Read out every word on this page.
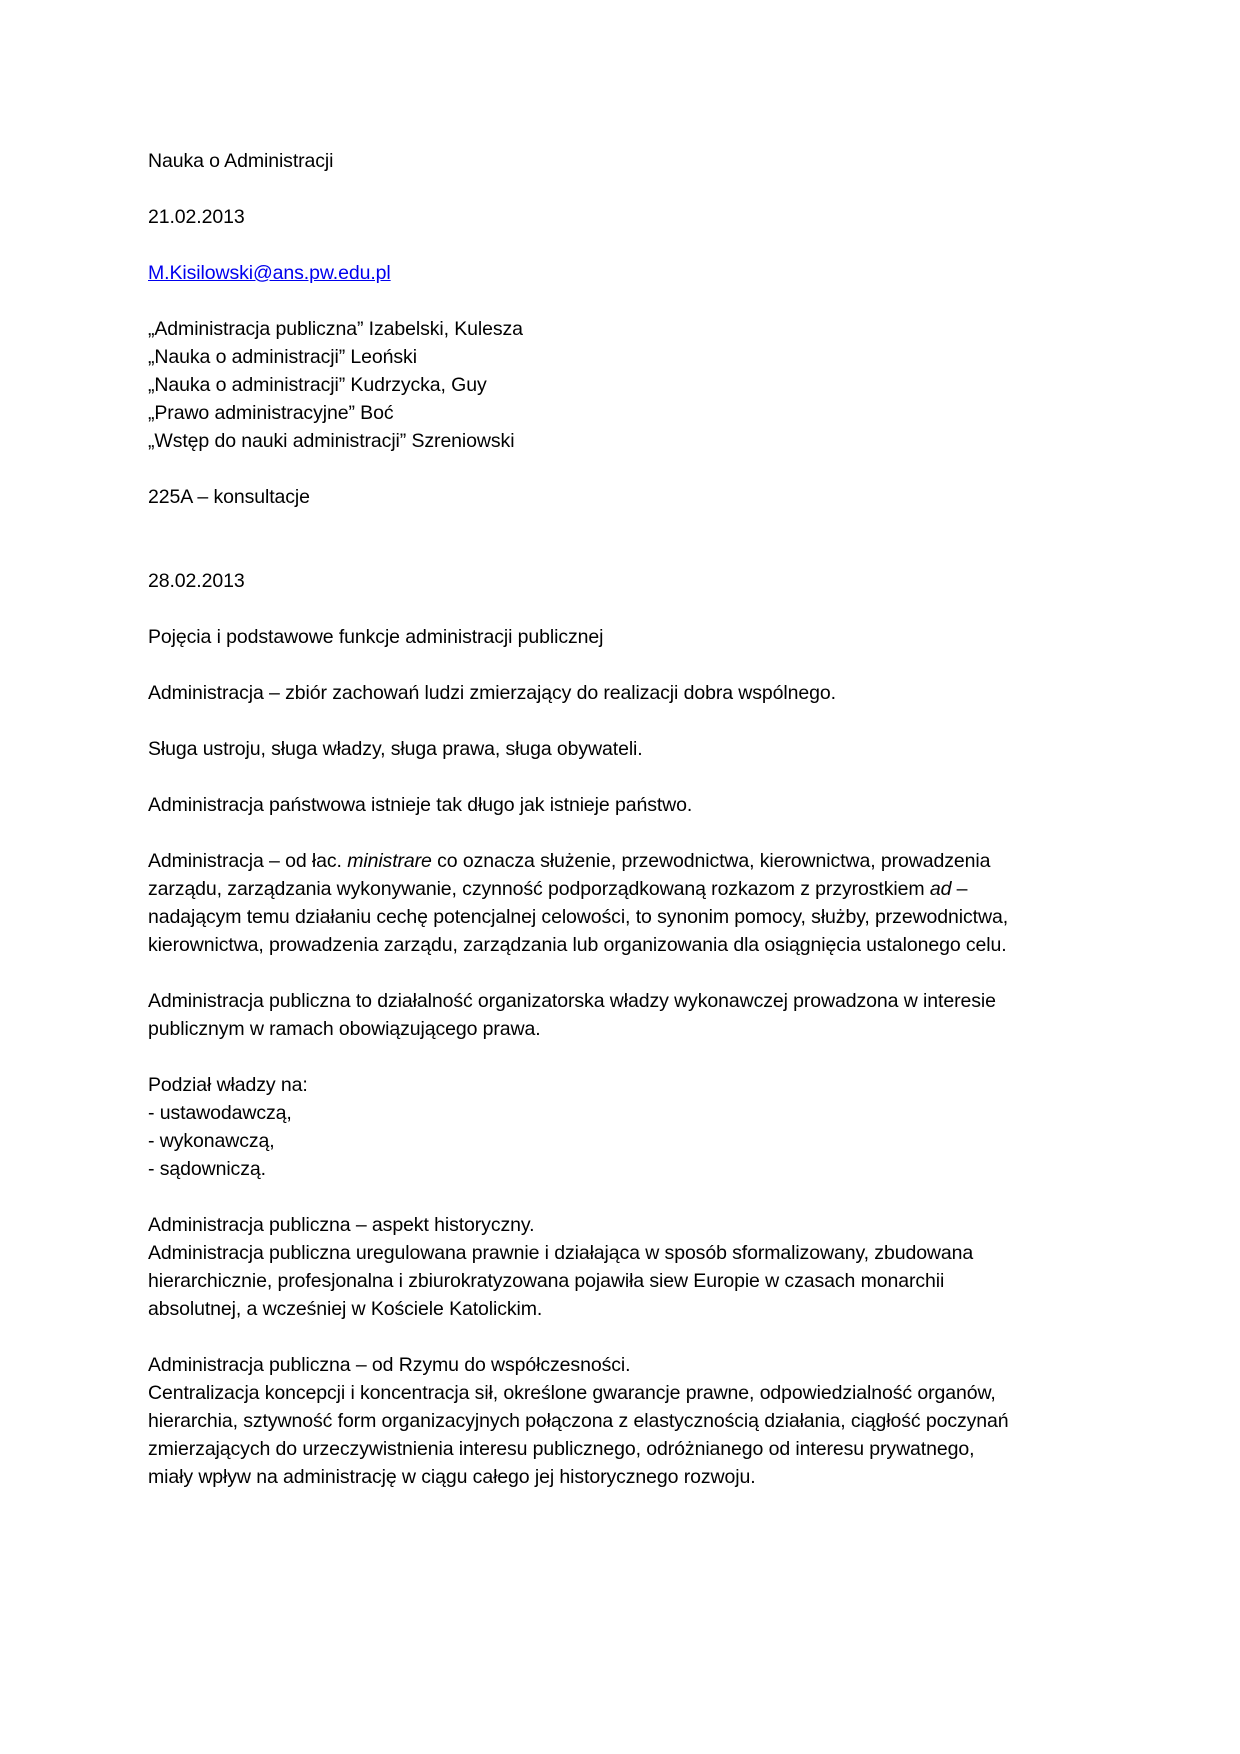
Nauka o Administracji
21.02.2013
M.Kisilowski@ans.pw.edu.pl
„Administracja publiczna” Izabelski, Kulesza
„Nauka o administracji” Leoński
„Nauka o administracji” Kudrzycka, Guy
„Prawo administracyjne” Boć
„Wstęp do nauki administracji” Szreniowski
225A – konsultacje
28.02.2013
Pojęcia i podstawowe funkcje administracji publicznej
Administracja – zbiór zachowań ludzi zmierzający do realizacji dobra wspólnego.
Sługa ustroju, sługa władzy, sługa prawa, sługa obywateli.
Administracja państwowa istnieje tak długo jak istnieje państwo.
Administracja – od łac. ministrare co oznacza służenie, przewodnictwa, kierownictwa, prowadzenia
zarządu, zarządzania wykonywanie, czynność podporządkowaną rozkazom z przyrostkiem ad –
nadającym temu działaniu cechę potencjalnej celowości, to synonim pomocy, służby, przewodnictwa,
kierownictwa, prowadzenia zarządu, zarządzania lub organizowania dla osiągnięcia ustalonego celu.
Administracja publiczna to działalność organizatorska władzy wykonawczej prowadzona w interesie
publicznym w ramach obowiązującego prawa.
Podział władzy na:
- ustawodawczą,
- wykonawczą,
- sądowniczą.
Administracja publiczna – aspekt historyczny.
Administracja publiczna uregulowana prawnie i działająca w sposób sformalizowany, zbudowana
hierarchicznie, profesjonalna i zbiurokratyzowana pojawiła siew Europie w czasach monarchii
absolutnej, a wcześniej w Kościele Katolickim.
Administracja publiczna – od Rzymu do współczesności.
Centralizacja koncepcji i koncentracja sił, określone gwarancje prawne, odpowiedzialność organów,
hierarchia, sztywność form organizacyjnych połączona z elastycznością działania, ciągłość poczynań
zmierzających do urzeczywistnienia interesu publicznego, odróżnianego od interesu prywatnego,
miały wpływ na administrację w ciągu całego jej historycznego rozwoju.
